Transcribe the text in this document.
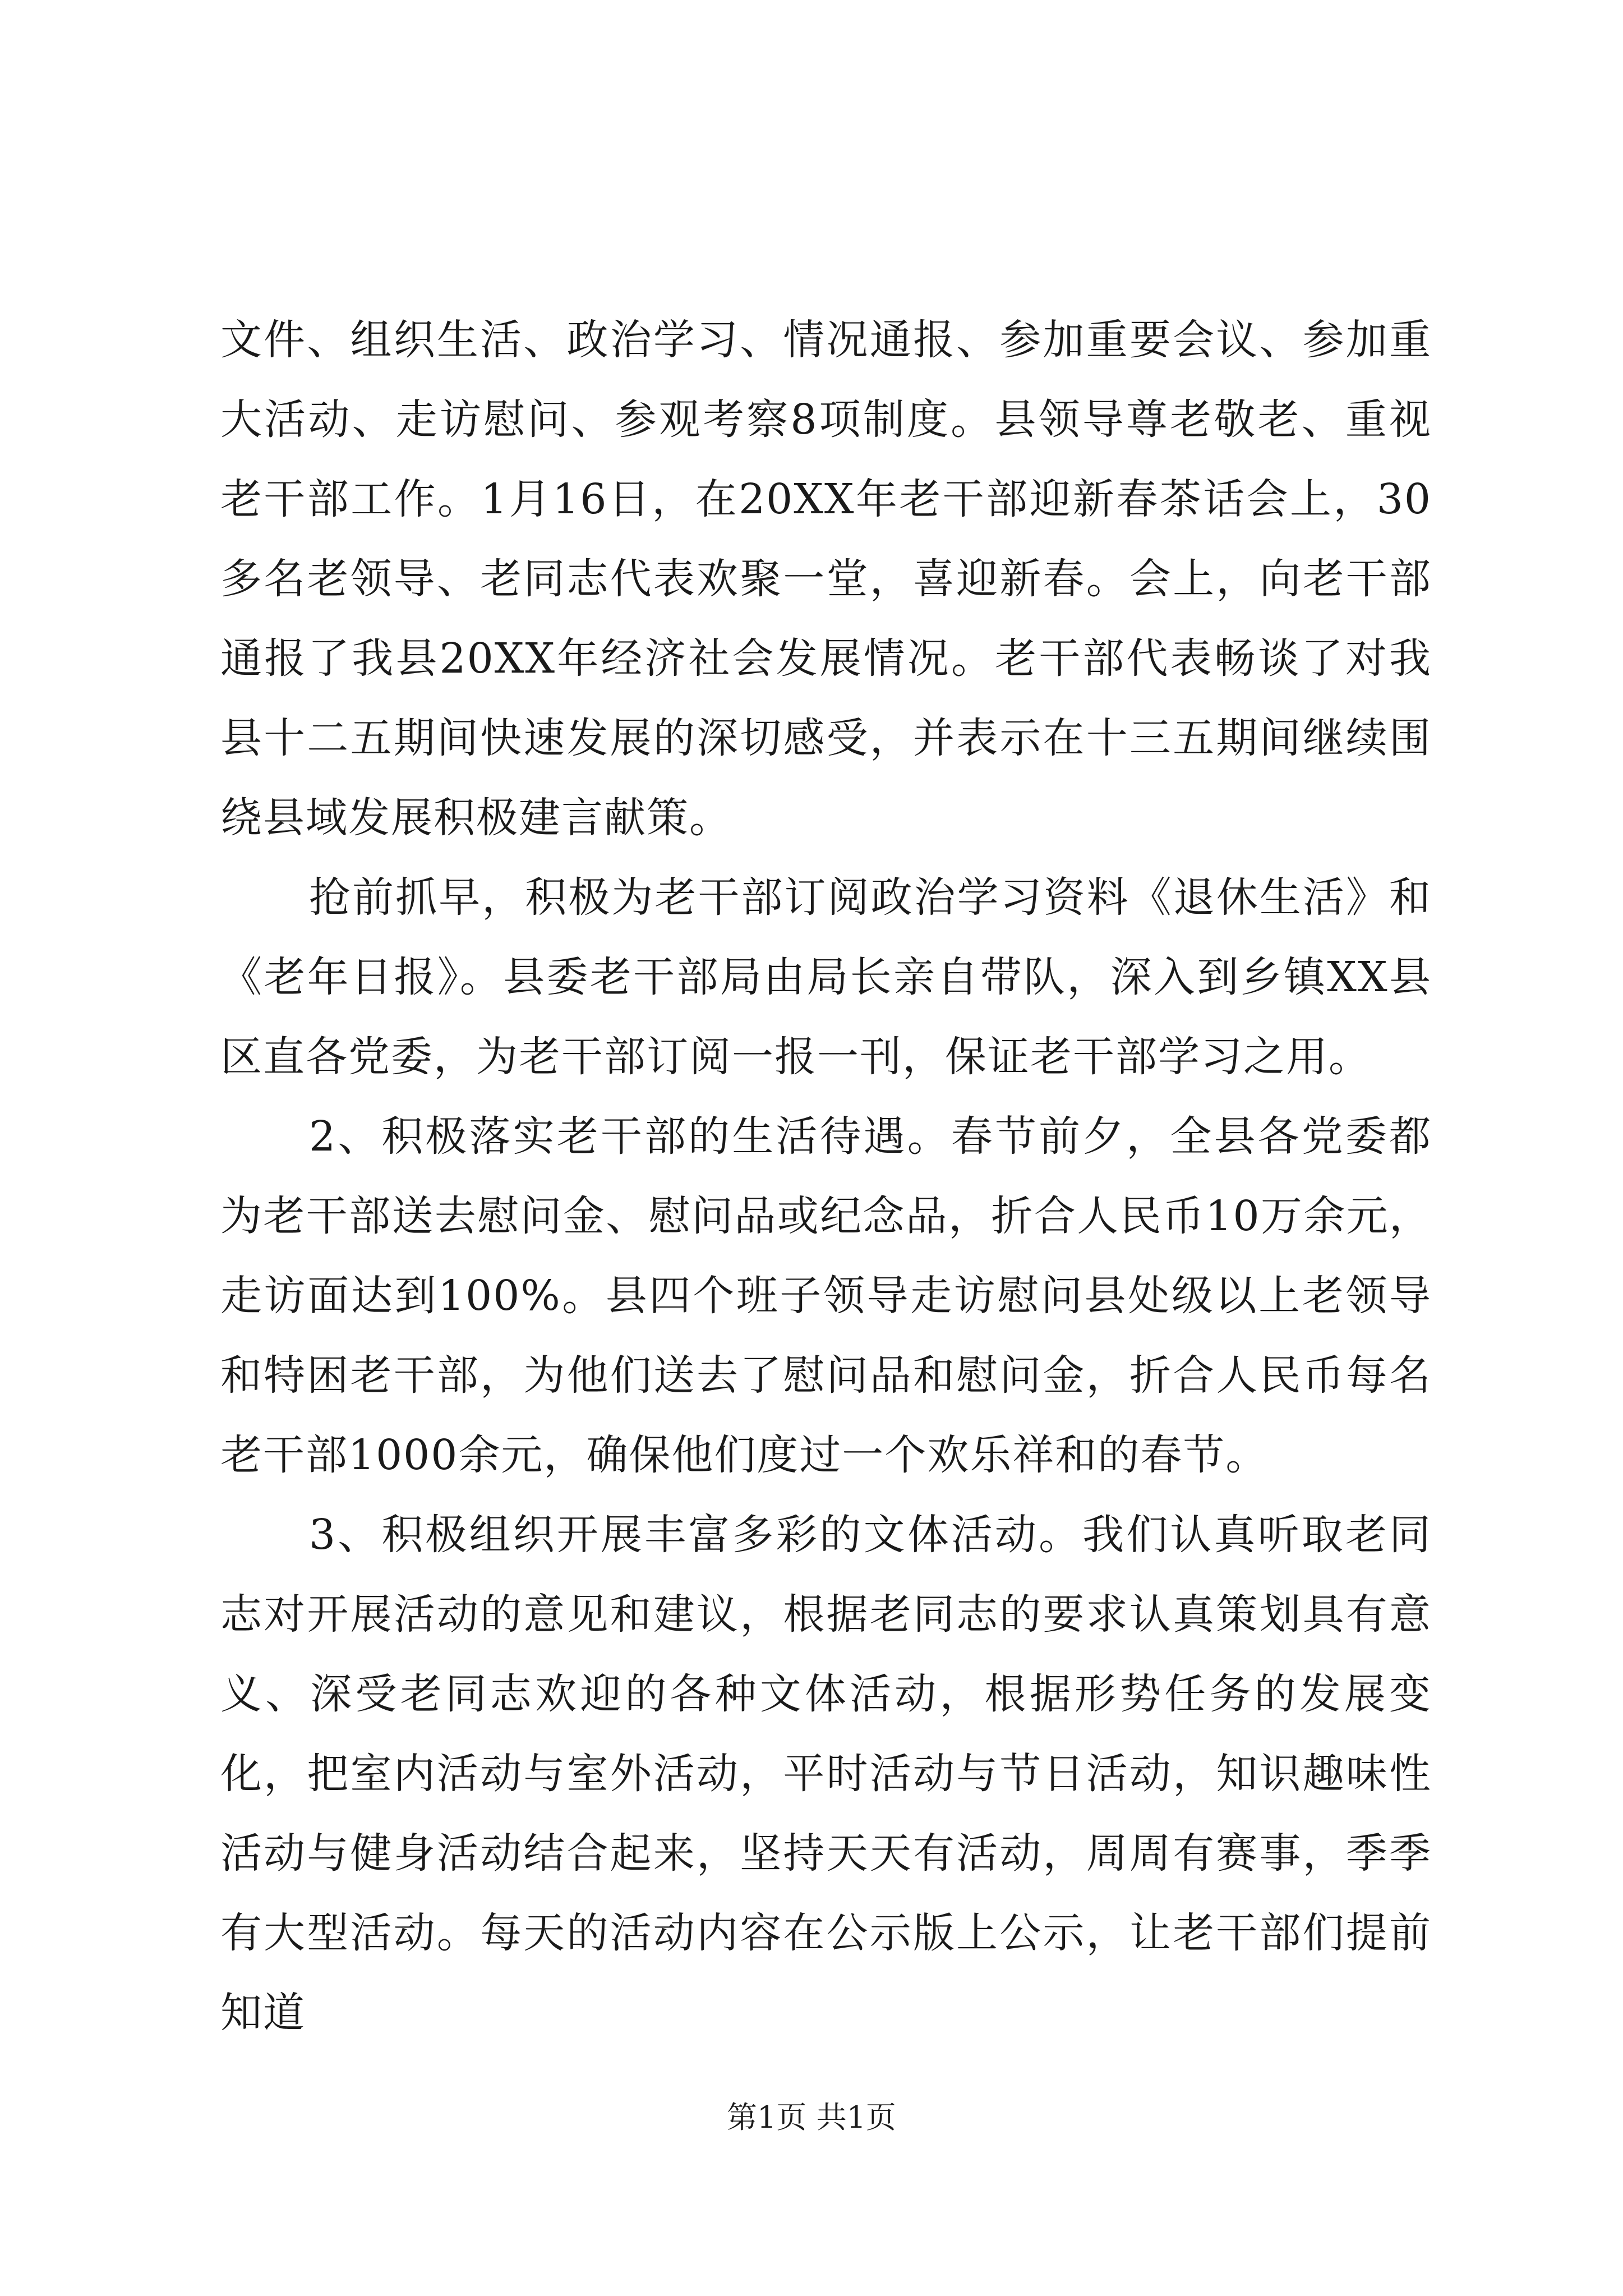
文件、组织生活、政治学习、情况通报、参加重要会议、参加重大活动、走访慰问、参观考察8项制度。县领导尊老敬老、重视老干部工作。1月16日，在20XX年老干部迎新春茶话会上，30多名老领导、老同志代表欢聚一堂，喜迎新春。会上，向老干部通报了我县20XX年经济社会发展情况。老干部代表畅谈了对我县十二五期间快速发展的深切感受，并表示在十三五期间继续围绕县域发展积极建言献策。

抢前抓早，积极为老干部订阅政治学习资料《退休生活》和《老年日报》。县委老干部局由局长亲自带队，深入到乡镇XX县区直各党委，为老干部订阅一报一刊，保证老干部学习之用。

2、积极落实老干部的生活待遇。春节前夕，全县各党委都为老干部送去慰问金、慰问品或纪念品，折合人民币10万余元，走访面达到100%。县四个班子领导走访慰问县处级以上老领导和特困老干部，为他们送去了慰问品和慰问金，折合人民币每名老干部1000余元，确保他们度过一个欢乐祥和的春节。

3、积极组织开展丰富多彩的文体活动。我们认真听取老同志对开展活动的意见和建议，根据老同志的要求认真策划具有意义、深受老同志欢迎的各种文体活动，根据形势任务的发展变化，把室内活动与室外活动，平时活动与节日活动，知识趣味性活动与健身活动结合起来，坚持天天有活动，周周有赛事，季季有大型活动。每天的活动内容在公示版上公示，让老干部们提前知道

第1页 共1页
